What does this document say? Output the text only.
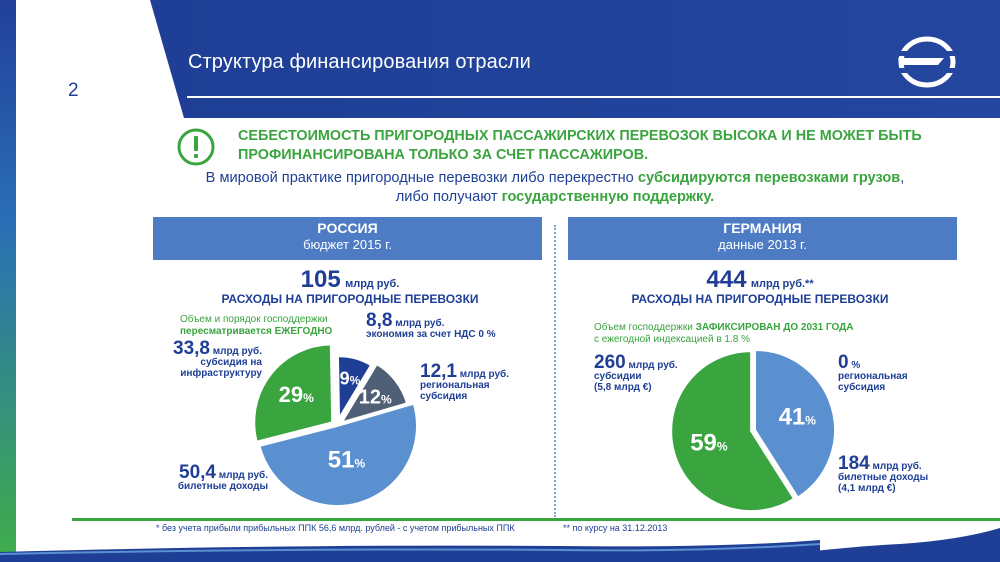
Структура финансирования отрасли
2
СЕБЕСТОИМОСТЬ ПРИГОРОДНЫХ ПАССАЖИРСКИХ ПЕРЕВОЗОК ВЫСОКА И НЕ МОЖЕТ БЫТЬ
ПРОФИНАНСИРОВАНА ТОЛЬКО ЗА СЧЕТ ПАССАЖИРОВ.
В мировой практике пригородные перевозки либо перекрестно субсидируются перевозками грузов,
либо получают государственную поддержку.
РОССИЯ
бюджет 2015 г.
ГЕРМАНИЯ
данные 2013 г.
105 млрд руб.
РАСХОДЫ НА ПРИГОРОДНЫЕ ПЕРЕВОЗКИ
444 млрд руб.**
РАСХОДЫ НА ПРИГОРОДНЫЕ ПЕРЕВОЗКИ
Объем и порядок господдержки
пересматривается ЕЖЕГОДНО
33,8 млрд руб.
субсидия на
инфраструктуру
8,8 млрд руб.
экономия за счет НДС 0 %
12,1 млрд руб.
региональная
субсидия
50,4 млрд руб.
билетные доходы
29%
9%
12%
51%
Объем господдержки ЗАФИКСИРОВАН ДО 2031 ГОДА
с ежегодной индексацией в 1.8 %
260 млрд руб.
субсидии
(5,8 млрд €)
0 %
региональная
субсидия
184 млрд руб.
билетные доходы
(4,1 млрд €)
59%
41%
* без учета прибыли прибыльных ППК 56,6 млрд. рублей - с учетом прибыльных ППК	** по курсу на 31.12.2013
